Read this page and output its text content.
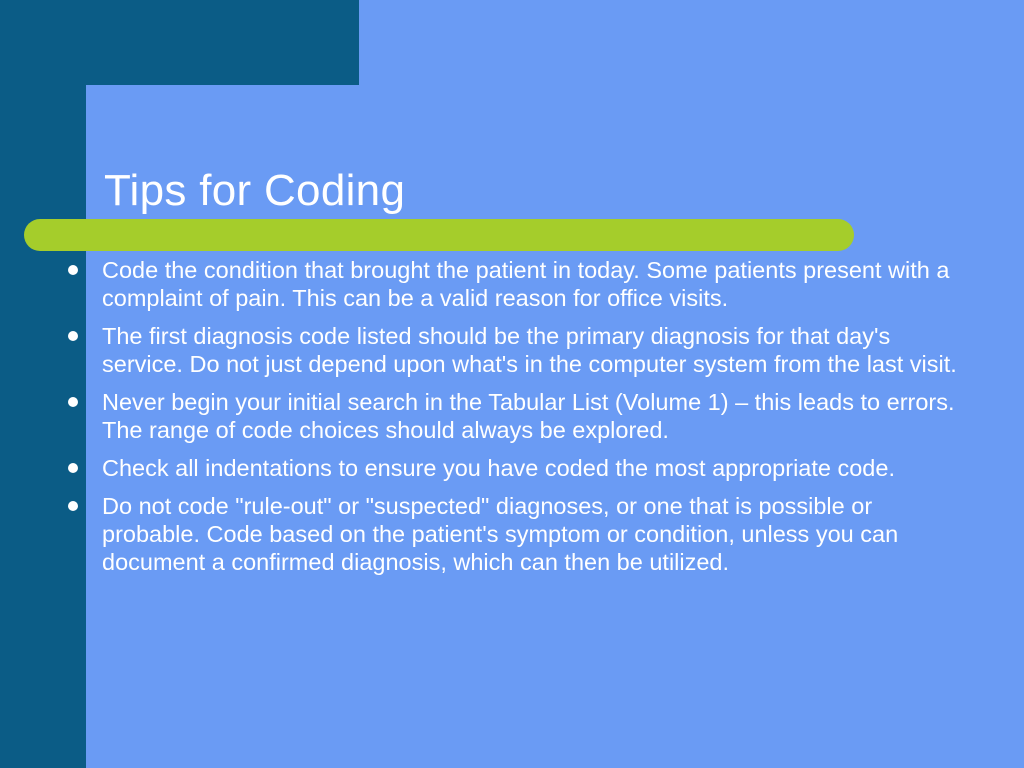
Tips for Coding
Code the condition that brought the patient in today. Some patients present with a complaint of pain. This can be a valid reason for office visits.
The first diagnosis code listed should be the primary diagnosis for that day's service. Do not just depend upon what's in the computer system from the last visit.
Never begin your initial search in the Tabular List (Volume 1) – this leads to errors. The range of code choices should always be explored.
Check all indentations to ensure you have coded the most appropriate code.
Do not code "rule-out" or "suspected" diagnoses, or one that is possible or probable. Code based on the patient's symptom or condition, unless you can document a confirmed diagnosis, which can then be utilized.
